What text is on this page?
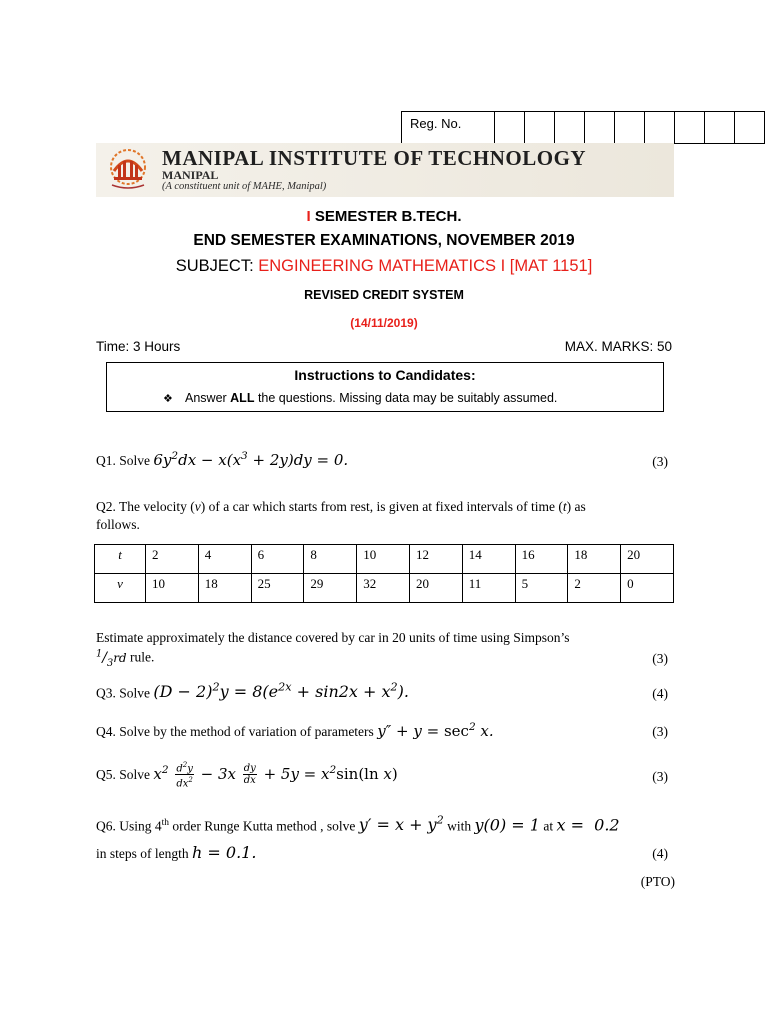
Reg. No.
MANIPAL INSTITUTE OF TECHNOLOGY
MANIPAL
(A constituent unit of MAHE, Manipal)
I SEMESTER B.TECH.
END SEMESTER EXAMINATIONS, NOVEMBER 2019
SUBJECT: ENGINEERING MATHEMATICS I [MAT 1151]
REVISED CREDIT SYSTEM
(14/11/2019)
Time: 3 Hours	MAX. MARKS: 50
Instructions to Candidates:
❖ Answer ALL the questions. Missing data may be suitably assumed.
Q1. Solve $6y^2dx - x(x^3 + 2y)dy = 0$.	(3)
Q2. The velocity (v) of a car which starts from rest, is given at fixed intervals of time (t) as
follows.
t	2	4	6	8	10	12	14	16	18	20
v	10	18	25	29	32	20	11	5	2	0
Estimate approximately the distance covered by car in 20 units of time using Simpson’s
$^1/_3rd$ rule.	(3)
Q3. Solve $(D - 2)^2y = 8(e^{2x} + \sin 2x + x^2)$.	(4)
Q4. Solve by the method of variation of parameters $y'' + y = \sec^2 x$.	(3)
Q5. Solve $x^2 \frac{d^2y}{dx^2} - 3x \frac{dy}{dx} + 5y = x^2\sin(\ln$ x)	(3)
Q6. Using 4th order Runge Kutta method , solve $y' = x + y^2$ with y(0) = 1 at x =  0.2
in steps of length h = 0.1.	(4)
(PTO)
